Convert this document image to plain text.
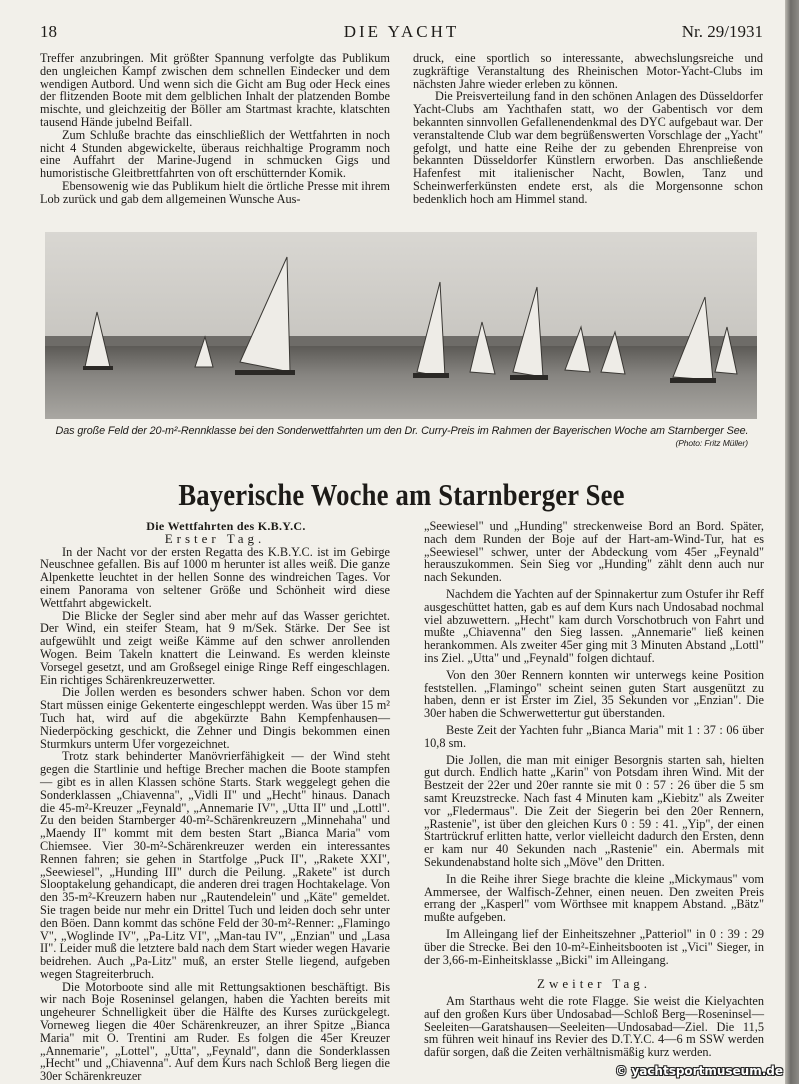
18	DIE YACHT	Nr. 29/1931

Treffer anzubringen. Mit größter Spannung verfolgte das Publikum den ungleichen Kampf zwischen dem schnellen Eindecker und dem wendigen Autbord. Und wenn sich die Gicht am Bug oder Heck eines der flitzenden Boote mit dem gelblichen Inhalt der platzenden Bombe mischte, und gleichzeitig der Böller am Startmast krachte, klatschten tausend Hände jubelnd Beifall.

Zum Schluße brachte das einschließlich der Wettfahrten in noch nicht 4 Stunden abgewickelte, überaus reichhaltige Programm noch eine Auffahrt der Marine-Jugend in schmucken Gigs und humoristische Gleitbrettfahrten von oft erschütternder Komik.

Ebensowenig wie das Publikum hielt die örtliche Presse mit ihrem Lob zurück und gab dem allgemeinen Wunsche Aus-

druck, eine sportlich so interessante, abwechslungsreiche und zugkräftige Veranstaltung des Rheinischen Motor-Yacht-Clubs im nächsten Jahre wieder erleben zu können.

Die Preisverteilung fand in den schönen Anlagen des Düsseldorfer Yacht-Clubs am Yachthafen statt, wo der Gabentisch vor dem bekannten sinnvollen Gefallenendenkmal des DYC aufgebaut war. Der veranstaltende Club war dem begrüßenswerten Vorschlage der „Yacht" gefolgt, und hatte eine Reihe der zu gebenden Ehrenpreise von bekannten Düsseldorfer Künstlern erworben. Das anschließende Hafenfest mit italienischer Nacht, Bowlen, Tanz und Scheinwerferkünsten endete erst, als die Morgensonne schon bedenklich hoch am Himmel stand.

Das große Feld der 20-m²-Rennklasse bei den Sonderwettfahrten um den Dr. Curry-Preis im Rahmen der Bayerischen Woche am Starnberger See.
(Photo: Fritz Müller)
Bayerische Woche am Starnberger See

Die Wettfahrten des K.B.Y.C.

Erster Tag.

In der Nacht vor der ersten Regatta des K.B.Y.C. ist im Gebirge Neuschnee gefallen. Bis auf 1000 m herunter ist alles weiß. Die ganze Alpenkette leuchtet in der hellen Sonne des windreichen Tages. Vor einem Panorama von seltener Größe und Schönheit wird diese Wettfahrt abgewickelt.

Die Blicke der Segler sind aber mehr auf das Wasser gerichtet. Der Wind, ein steifer Steam, hat 9 m/Sek. Stärke. Der See ist aufgewühlt und zeigt weiße Kämme auf den schwer anrollenden Wogen. Beim Takeln knattert die Leinwand. Es werden kleinste Vorsegel gesetzt, und am Großsegel einige Ringe Reff eingeschlagen. Ein richtiges Schärenkreuzerwetter.

Die Jollen werden es besonders schwer haben. Schon vor dem Start müssen einige Gekenterte eingeschleppt werden. Was über 15 m² Tuch hat, wird auf die abgekürzte Bahn Kempfenhausen—Niederpöcking geschickt, die Zehner und Dingis bekommen einen Sturmkurs unterm Ufer vorgezeichnet.

Trotz stark behinderter Manövrierfähigkeit — der Wind steht gegen die Startlinie und heftige Brecher machen die Boote stampfen — gibt es in allen Klassen schöne Starts. Stark weggelegt gehen die Sonderklassen „Chiavenna", „Vidli II" und „Hecht" hinaus. Danach die 45-m²-Kreuzer „Feynald", „Annemarie IV", „Utta II" und „Lottl". Zu den beiden Starnberger 40-m²-Schärenkreuzern „Minnehaha" und „Maendy II" kommt mit dem besten Start „Bianca Maria" vom Chiemsee. Vier 30-m²-Schärenkreuzer werden ein interessantes Rennen fahren; sie gehen in Startfolge „Puck II", „Rakete XXI", „Seewiesel", „Hunding III" durch die Peilung. „Rakete" ist durch Slooptakelung gehandicapt, die anderen drei tragen Hochtakelage. Von den 35-m²-Kreuzern haben nur „Rautendelein" und „Käte" gemeldet. Sie tragen beide nur mehr ein Drittel Tuch und leiden doch sehr unter den Böen. Dann kommt das schöne Feld der 30-m²-Renner: „Flamingo V", „Woglinde IV", „Pa-Litz VI", „Man-tau IV", „Enzian" und „Lasa II". Leider muß die letztere bald nach dem Start wieder wegen Havarie beidrehen. Auch „Pa-Litz" muß, an erster Stelle liegend, aufgeben wegen Stagreiterbruch.

Die Motorboote sind alle mit Rettungsaktionen beschäftigt. Bis wir nach Boje Roseninsel gelangen, haben die Yachten bereits mit ungeheurer Schnelligkeit über die Hälfte des Kurses zurückgelegt. Vorneweg liegen die 40er Schärenkreuzer, an ihrer Spitze „Bianca Maria" mit O. Trentini am Ruder. Es folgen die 45er Kreuzer „Annemarie", „Lottel", „Utta", „Feynald", dann die Sonderklassen „Hecht" und „Chiavenna". Auf dem Kurs nach Schloß Berg liegen die 30er Schärenkreuzer

„Seewiesel" und „Hunding" streckenweise Bord an Bord. Später, nach dem Runden der Boje auf der Hart-am-Wind-Tur, hat es „Seewiesel" schwer, unter der Abdeckung vom 45er „Feynald" herauszukommen. Sein Sieg vor „Hunding" zählt denn auch nur nach Sekunden.

Nachdem die Yachten auf der Spinnakertur zum Ostufer ihr Reff ausgeschüttet hatten, gab es auf dem Kurs nach Undosabad nochmal viel abzuwettern. „Hecht" kam durch Vorschotbruch von Fahrt und mußte „Chiavenna" den Sieg lassen. „Annemarie" ließ keinen herankommen. Als zweiter 45er ging mit 3 Minuten Abstand „Lottl" ins Ziel. „Utta" und „Feynald" folgen dichtauf.

Von den 30er Rennern konnten wir unterwegs keine Position feststellen. „Flamingo" scheint seinen guten Start ausgenützt zu haben, denn er ist Erster im Ziel, 35 Sekunden vor „Enzian". Die 30er haben die Schwerwettertur gut überstanden.

Beste Zeit der Yachten fuhr „Bianca Maria" mit 1 : 37 : 06 über 10,8 sm.

Die Jollen, die man mit einiger Besorgnis starten sah, hielten gut durch. Endlich hatte „Karin" von Potsdam ihren Wind. Mit der Bestzeit der 22er und 20er rannte sie mit 0 : 57 : 26 über die 5 sm samt Kreuzstrecke. Nach fast 4 Minuten kam „Kiebitz" als Zweiter vor „Fledermaus". Die Zeit der Siegerin bei den 20er Rennern, „Rastenie", ist über den gleichen Kurs 0 : 59 : 41. „Yip", der einen Startrückruf erlitten hatte, verlor vielleicht dadurch den Ersten, denn er kam nur 40 Sekunden nach „Rastenie" ein. Abermals mit Sekundenabstand holte sich „Möve" den Dritten.

In die Reihe ihrer Siege brachte die kleine „Mickymaus" vom Ammersee, der Walfisch-Zehner, einen neuen. Den zweiten Preis errang der „Kasperl" vom Wörthsee mit knappem Abstand. „Bätz" mußte aufgeben.

Im Alleingang lief der Einheitszehner „Patteriol" in 0 : 39 : 29 über die Strecke. Bei den 10-m²-Einheitsbooten ist „Vici" Sieger, in der 3,66-m-Einheitsklasse „Bicki" im Alleingang.

Zweiter Tag.

Am Starthaus weht die rote Flagge. Sie weist die Kielyachten auf den großen Kurs über Undosabad—Schloß Berg—Roseninsel—Seeleiten—Garatshausen—Seeleiten—Undosabad—Ziel. Die 11,5 sm führen weit hinauf ins Revier des D.T.Y.C. 4—6 m SSW werden dafür sorgen, daß die Zeiten verhältnismäßig kurz werden.

© yachtsportmuseum.de
